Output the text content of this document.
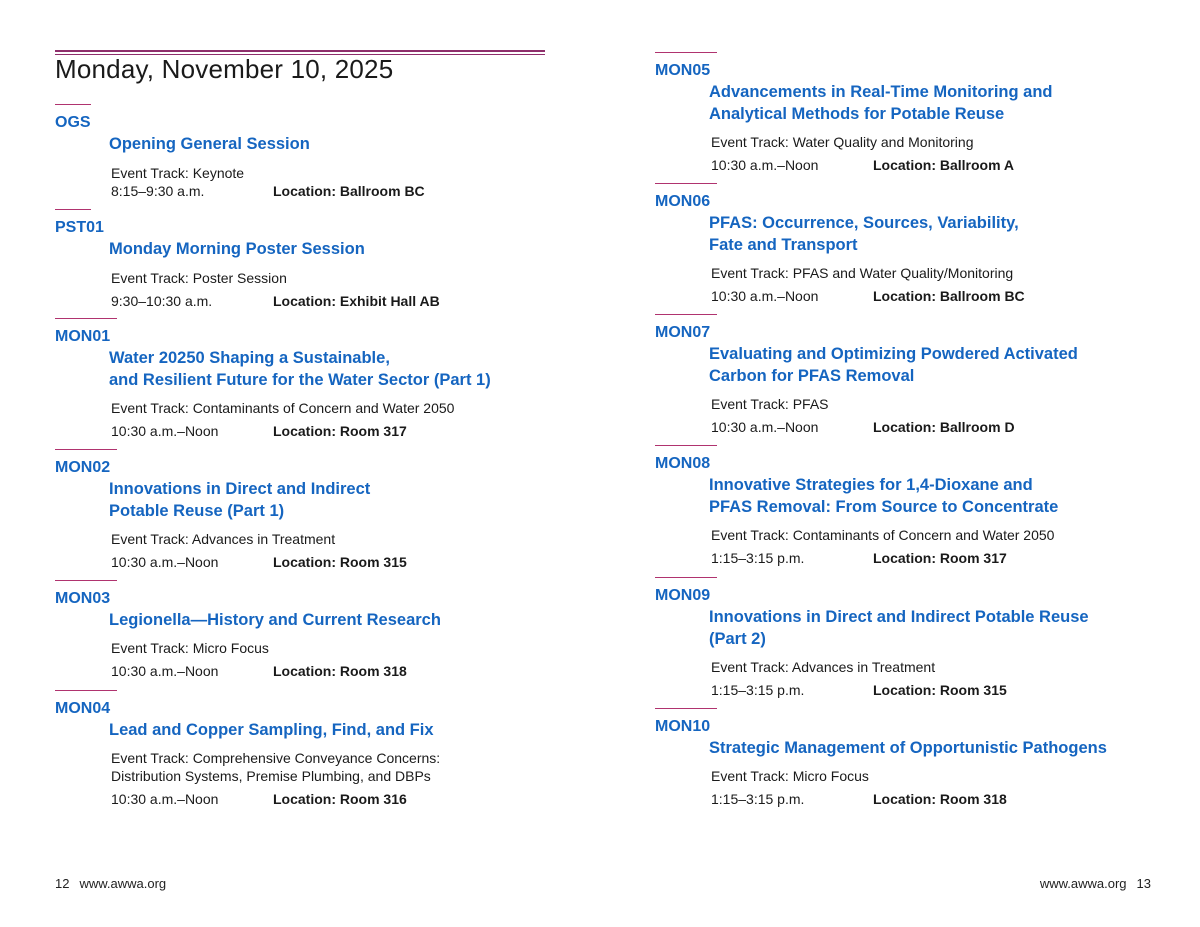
Monday, November 10, 2025
OGS
Opening General Session
Event Track: Keynote
8:15–9:30 a.m.	Location: Ballroom BC
PST01
Monday Morning Poster Session
Event Track: Poster Session
9:30–10:30 a.m.	Location: Exhibit Hall AB
MON01
Water 20250 Shaping a Sustainable,
and Resilient Future for the Water Sector (Part 1)
Event Track: Contaminants of Concern and Water 2050
10:30 a.m.–Noon	Location: Room 317
MON02
Innovations in Direct and Indirect
Potable Reuse (Part 1)
Event Track: Advances in Treatment
10:30 a.m.–Noon	Location: Room 315
MON03
Legionella—History and Current Research
Event Track: Micro Focus
10:30 a.m.–Noon	Location: Room 318
MON04
Lead and Copper Sampling, Find, and Fix
Event Track: Comprehensive Conveyance Concerns:
Distribution Systems, Premise Plumbing, and DBPs
10:30 a.m.–Noon	Location: Room 316
MON05
Advancements in Real-Time Monitoring and
Analytical Methods for Potable Reuse
Event Track: Water Quality and Monitoring
10:30 a.m.–Noon	Location: Ballroom A
MON06
PFAS: Occurrence, Sources, Variability,
Fate and Transport
Event Track: PFAS and Water Quality/Monitoring
10:30 a.m.–Noon	Location: Ballroom BC
MON07
Evaluating and Optimizing Powdered Activated
Carbon for PFAS Removal
Event Track: PFAS
10:30 a.m.–Noon	Location: Ballroom D
MON08
Innovative Strategies for 1,4-Dioxane and
PFAS Removal: From Source to Concentrate
Event Track: Contaminants of Concern and Water 2050
1:15–3:15 p.m.	Location: Room 317
MON09
Innovations in Direct and Indirect Potable Reuse
(Part 2)
Event Track: Advances in Treatment
1:15–3:15 p.m.	Location: Room 315
MON10
Strategic Management of Opportunistic Pathogens
Event Track: Micro Focus
1:15–3:15 p.m.	Location: Room 318
12 www.awwa.org	www.awwa.org 13
